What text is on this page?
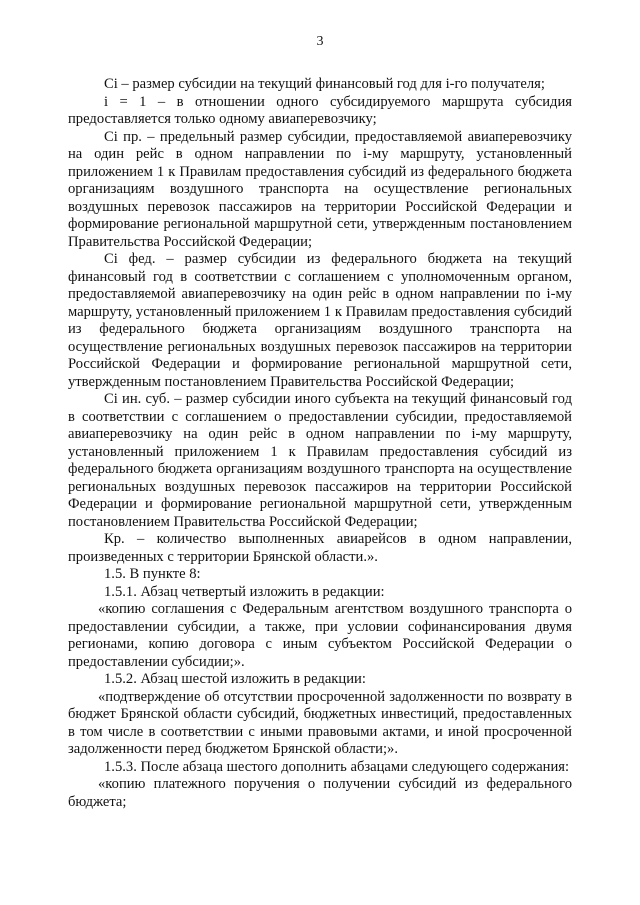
3

Ci – размер субсидии на текущий финансовый год для i-го получателя;

i = 1 – в отношении одного субсидируемого маршрута субсидия предоставляется только одному авиаперевозчику;

Ci пр. – предельный размер субсидии, предоставляемой авиаперевозчику на один рейс в одном направлении по i-му маршруту, установленный приложением 1 к Правилам предоставления субсидий из федерального бюджета организациям воздушного транспорта на осуществление региональных воздушных перевозок пассажиров на территории Российской Федерации и формирование региональной маршрутной сети, утвержденным постановлением Правительства Российской Федерации;

Ci фед. – размер субсидии из федерального бюджета на текущий финансовый год в соответствии с соглашением с уполномоченным органом, предоставляемой авиаперевозчику на один рейс в одном направлении по i-му маршруту, установленный приложением 1 к Правилам предоставления субсидий из федерального бюджета организациям воздушного транспорта на осуществление региональных воздушных перевозок пассажиров на территории Российской Федерации и формирование региональной маршрутной сети, утвержденным постановлением Правительства Российской Федерации;

Ci ин. суб. – размер субсидии иного субъекта на текущий финансовый год в соответствии с соглашением о предоставлении субсидии, предоставляемой авиаперевозчику на один рейс в одном направлении по i-му маршруту, установленный приложением 1 к Правилам предоставления субсидий из федерального бюджета организациям воздушного транспорта на осуществление региональных воздушных перевозок пассажиров на территории Российской Федерации и формирование региональной маршрутной сети, утвержденным постановлением Правительства Российской Федерации;

Кр. – количество выполненных авиарейсов в одном направлении, произведенных с территории Брянской области.».

1.5. В пункте 8:

1.5.1. Абзац четвертый изложить в редакции:

«копию соглашения с Федеральным агентством воздушного транспорта о предоставлении субсидии, а также, при условии софинансирования двумя регионами, копию договора с иным субъектом Российской Федерации о предоставлении субсидии;».

1.5.2. Абзац шестой изложить в редакции:

«подтверждение об отсутствии просроченной задолженности по возврату в бюджет Брянской области субсидий, бюджетных инвестиций, предоставленных в том числе в соответствии с иными правовыми актами, и иной просроченной задолженности перед бюджетом Брянской области;».

1.5.3. После абзаца шестого дополнить абзацами следующего содержания:

«копию платежного поручения о получении субсидий из федерального бюджета;
